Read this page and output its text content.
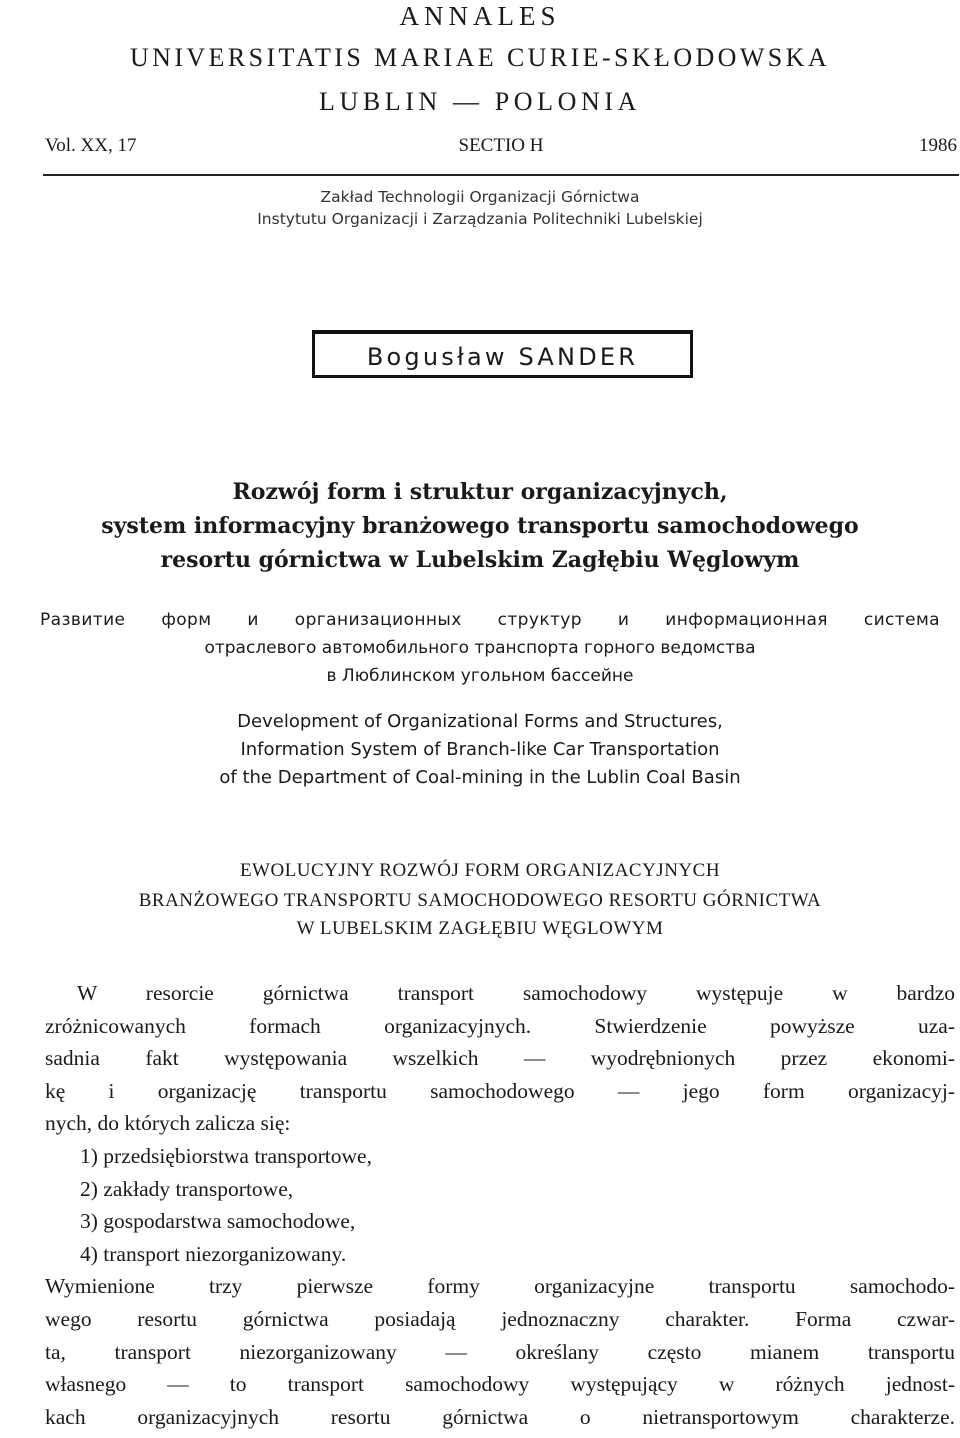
ANNALES
UNIVERSITATIS MARIAE CURIE-SKŁODOWSKA
LUBLIN — POLONIA
Vol. XX, 17	SECTIO H	1986
Zakład Technologii Organizacji Górnictwa
Instytutu Organizacji i Zarządzania Politechniki Lubelskiej
Bogusław SANDER
Rozwój form i struktur organizacyjnych,
system informacyjny branżowego transportu samochodowego
resortu górnictwa w Lubelskim Zagłębiu Węglowym
Развитие форм и организационных структур и информационная система
отраслевого автомобильного транспорта горного ведомства
в Люблинском угольном бассейне
Development of Organizational Forms and Structures,
Information System of Branch-like Car Transportation
of the Department of Coal-mining in the Lublin Coal Basin
EWOLUCYJNY ROZWÓJ FORM ORGANIZACYJNYCH
BRANŻOWEGO TRANSPORTU SAMOCHODOWEGO RESORTU GÓRNICTWA
W LUBELSKIM ZAGŁĘBIU WĘGLOWYM
W resorcie górnictwa transport samochodowy występuje w bardzo
zróżnicowanych formach organizacyjnych. Stwierdzenie powyższe uza-
sadnia fakt występowania wszelkich — wyodrębnionych przez ekonomi-
kę i organizację transportu samochodowego — jego form organizacyj-
nych, do których zalicza się:
1) przedsiębiorstwa transportowe,
2) zakłady transportowe,
3) gospodarstwa samochodowe,
4) transport niezorganizowany.
Wymienione trzy pierwsze formy organizacyjne transportu samochodo-
wego resortu górnictwa posiadają jednoznaczny charakter. Forma czwar-
ta, transport niezorganizowany — określany często mianem transportu
własnego — to transport samochodowy występujący w różnych jednost-
kach organizacyjnych resortu górnictwa o nietransportowym charakterze.
